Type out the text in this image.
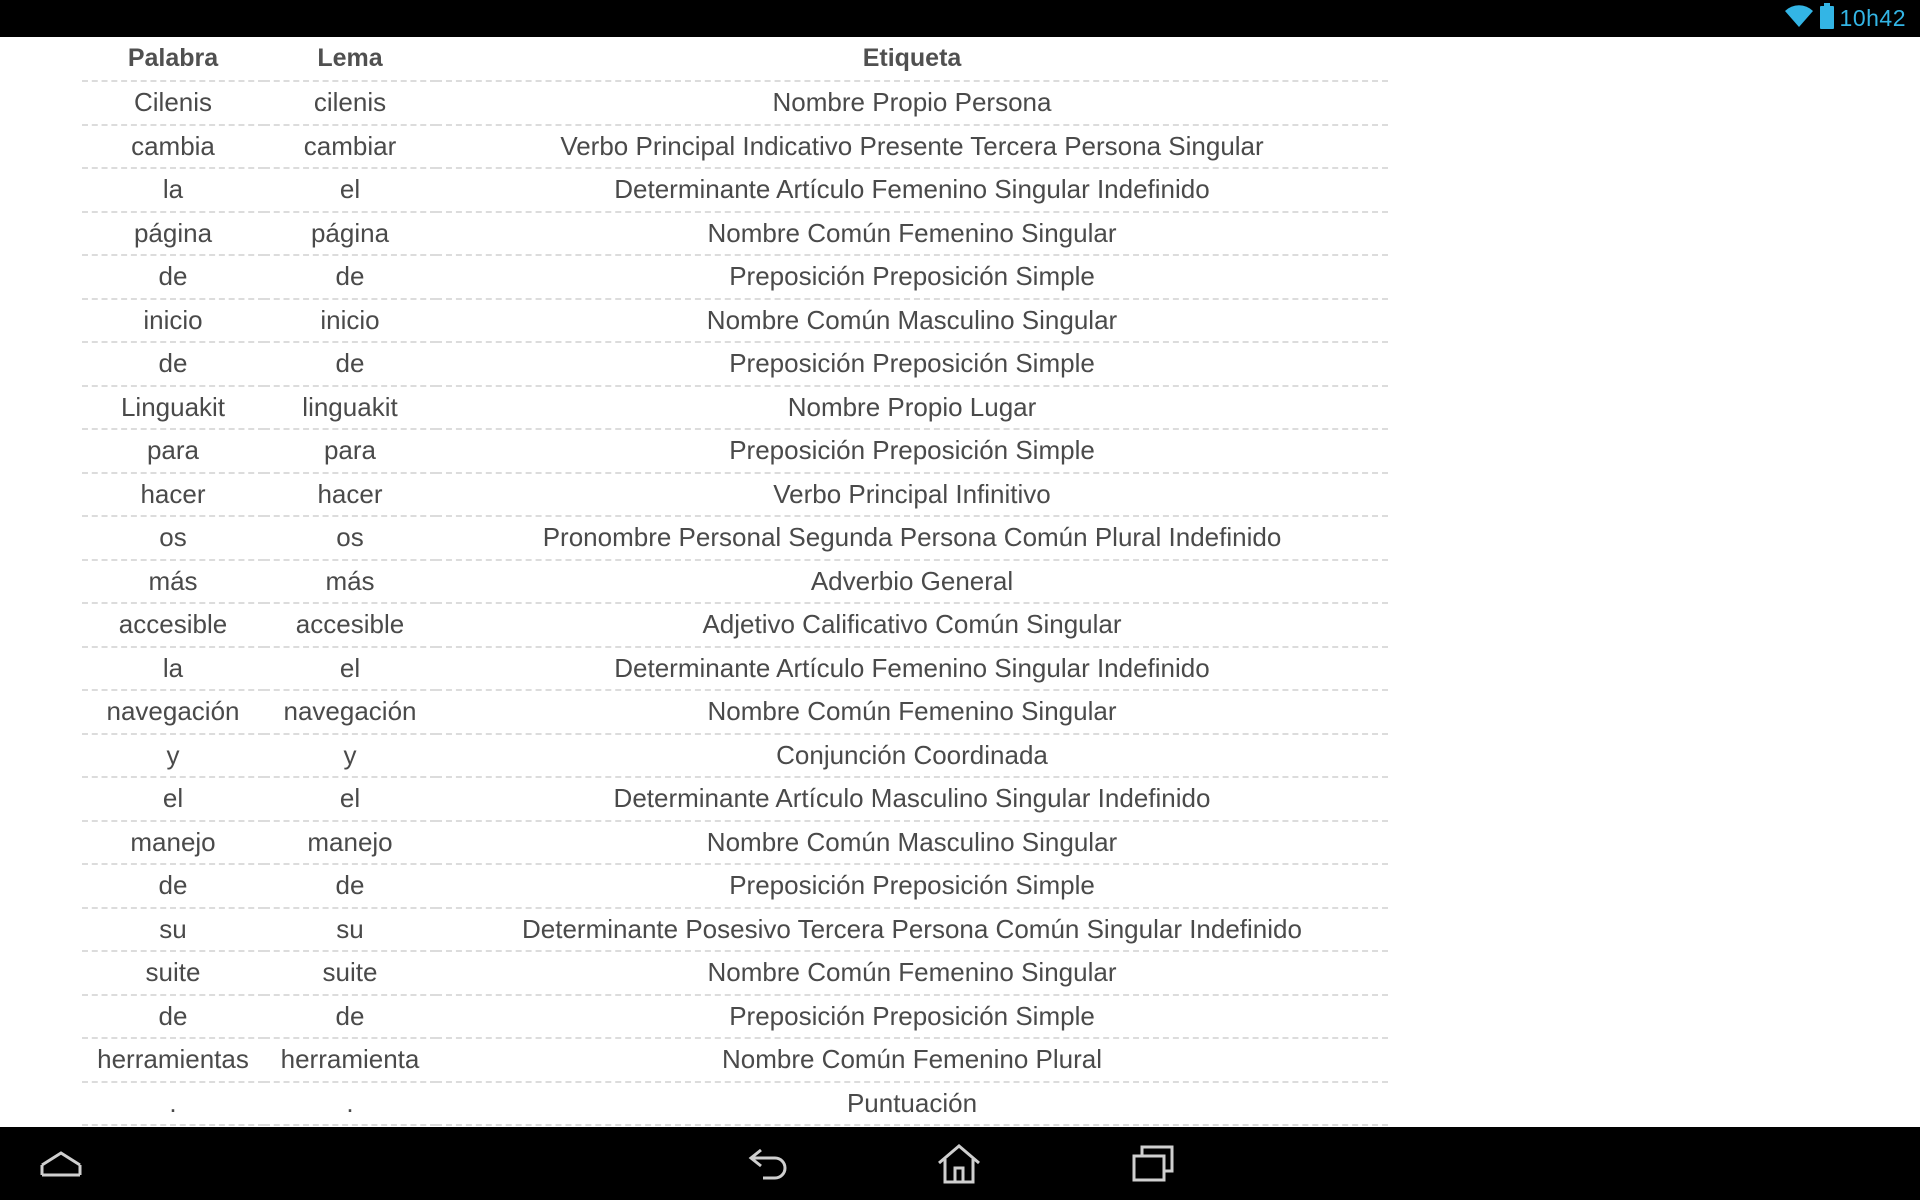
10h42
Palabra	Lema	Etiqueta
Cilenis	cilenis	Nombre Propio Persona
cambia	cambiar	Verbo Principal Indicativo Presente Tercera Persona Singular
la	el	Determinante Artículo Femenino Singular Indefinido
página	página	Nombre Común Femenino Singular
de	de	Preposición Preposición Simple
inicio	inicio	Nombre Común Masculino Singular
de	de	Preposición Preposición Simple
Linguakit	linguakit	Nombre Propio Lugar
para	para	Preposición Preposición Simple
hacer	hacer	Verbo Principal Infinitivo
os	os	Pronombre Personal Segunda Persona Común Plural Indefinido
más	más	Adverbio General
accesible	accesible	Adjetivo Calificativo Común Singular
la	el	Determinante Artículo Femenino Singular Indefinido
navegación	navegación	Nombre Común Femenino Singular
y	y	Conjunción Coordinada
el	el	Determinante Artículo Masculino Singular Indefinido
manejo	manejo	Nombre Común Masculino Singular
de	de	Preposición Preposición Simple
su	su	Determinante Posesivo Tercera Persona Común Singular Indefinido
suite	suite	Nombre Común Femenino Singular
de	de	Preposición Preposición Simple
herramientas	herramienta	Nombre Común Femenino Plural
.	.	Puntuación
